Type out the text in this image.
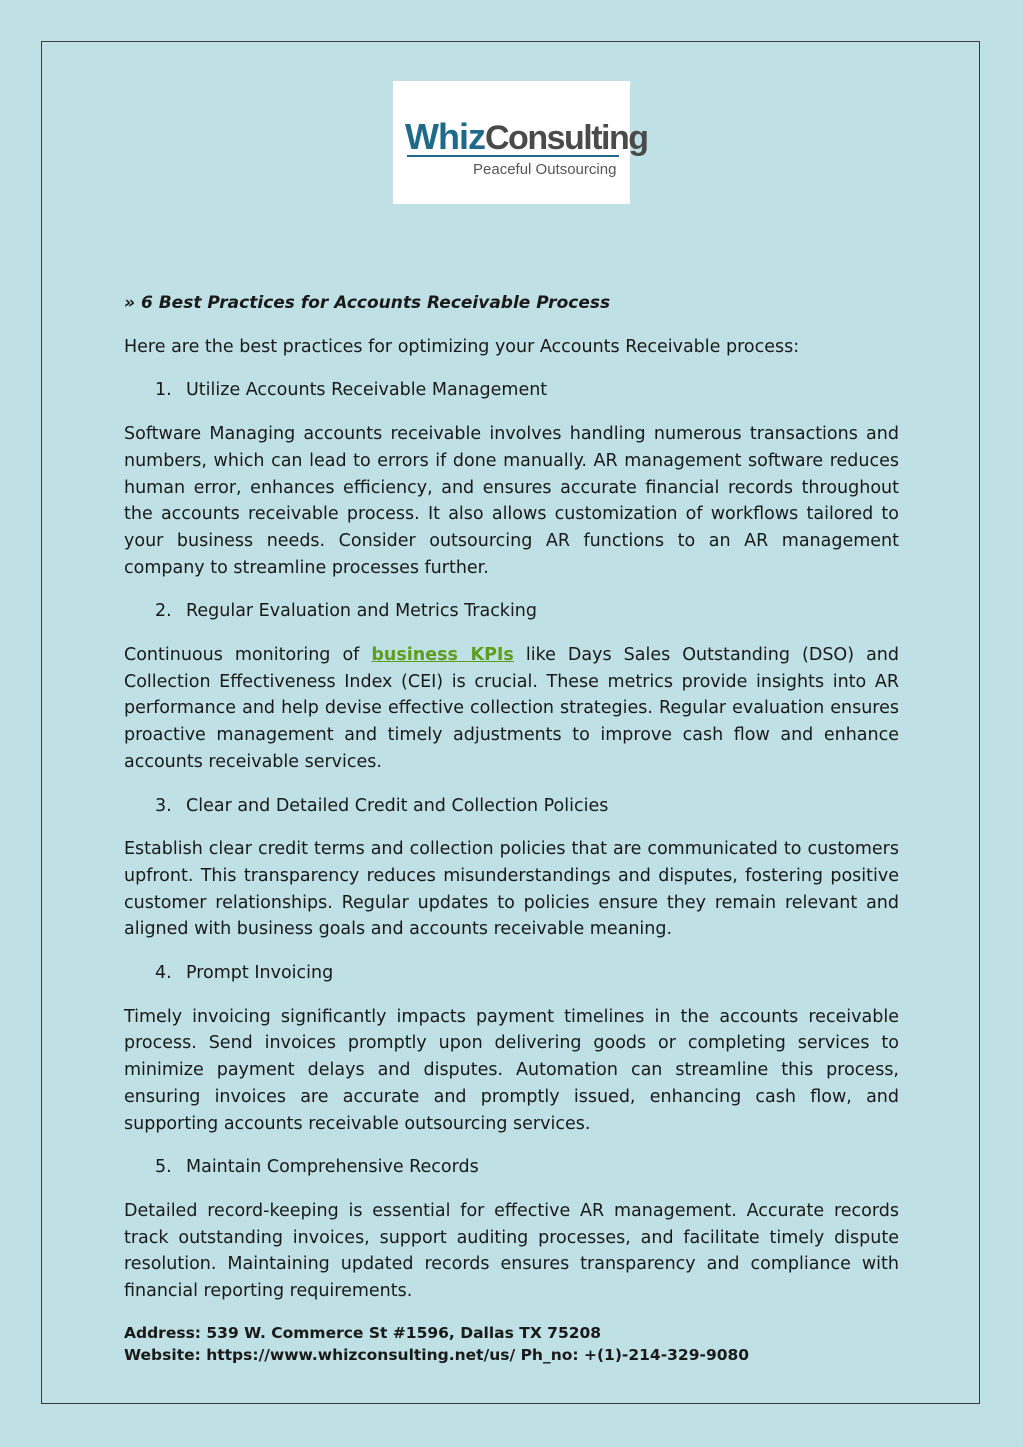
Whiz Consulting
Peaceful Outsourcing

» 6 Best Practices for Accounts Receivable Process

Here are the best practices for optimizing your Accounts Receivable process:

1. Utilize Accounts Receivable Management

Software Managing accounts receivable involves handling numerous transactions and numbers, which can lead to errors if done manually. AR management software reduces human error, enhances efficiency, and ensures accurate financial records throughout the accounts receivable process. It also allows customization of workflows tailored to your business needs. Consider outsourcing AR functions to an AR management company to streamline processes further.

2. Regular Evaluation and Metrics Tracking

Continuous monitoring of business KPIs like Days Sales Outstanding (DSO) and Collection Effectiveness Index (CEI) is crucial. These metrics provide insights into AR performance and help devise effective collection strategies. Regular evaluation ensures proactive management and timely adjustments to improve cash flow and enhance accounts receivable services.

3. Clear and Detailed Credit and Collection Policies

Establish clear credit terms and collection policies that are communicated to customers upfront. This transparency reduces misunderstandings and disputes, fostering positive customer relationships. Regular updates to policies ensure they remain relevant and aligned with business goals and accounts receivable meaning.

4. Prompt Invoicing

Timely invoicing significantly impacts payment timelines in the accounts receivable process. Send invoices promptly upon delivering goods or completing services to minimize payment delays and disputes. Automation can streamline this process, ensuring invoices are accurate and promptly issued, enhancing cash flow, and supporting accounts receivable outsourcing services.

5. Maintain Comprehensive Records

Detailed record-keeping is essential for effective AR management. Accurate records track outstanding invoices, support auditing processes, and facilitate timely dispute resolution. Maintaining updated records ensures transparency and compliance with financial reporting requirements.

Address: 539 W. Commerce St #1596, Dallas TX 75208
Website: https://www.whizconsulting.net/us/ Ph_no: +(1)-214-329-9080
